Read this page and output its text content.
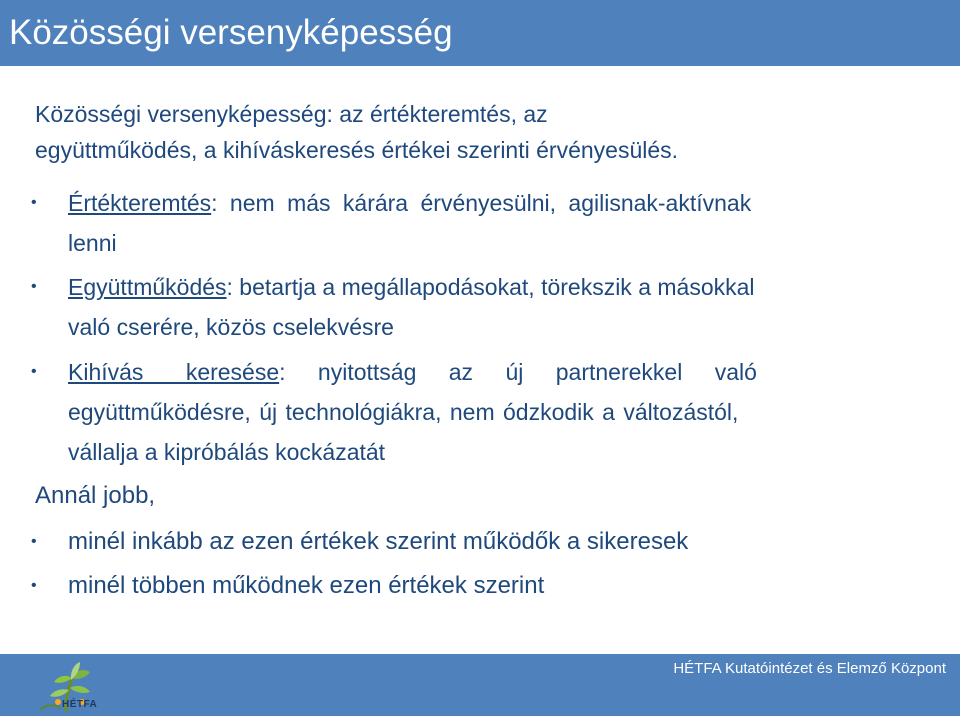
Közösségi versenyképesség
Közösségi versenyképesség: az értékteremtés, az
együttműködés, a kihíváskeresés értékei szerinti érvényesülés.
• Értékteremtés: nem más kárára érvényesülni, agilisnak-aktívnak
lenni
• Együttműködés: betartja a megállapodásokat, törekszik a másokkal
való cserére, közös cselekvésre
• Kihívás keresése: nyitottság az új partnerekkel való
együttműködésre, új technológiákra, nem ódzkodik a változástól,
vállalja a kipróbálás kockázatát
Annál jobb,
• minél inkább az ezen értékek szerint működők a sikeresek
• minél többen működnek ezen értékek szerint
HÉTFA Kutatóintézet és Elemző Központ
HÉTFA
